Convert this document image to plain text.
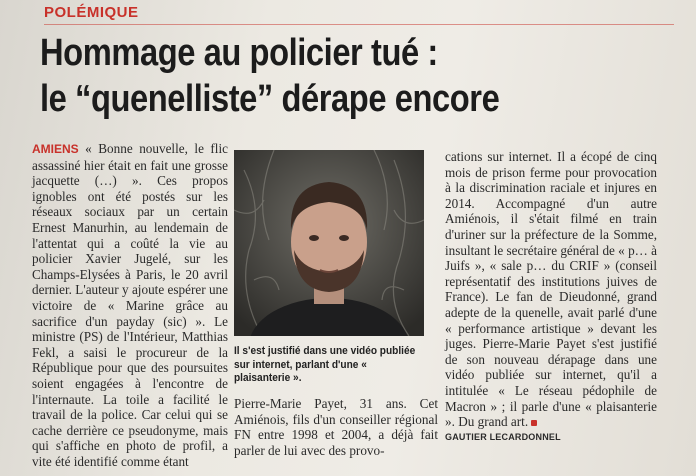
POLÉMIQUE
Hommage au policier tué :
le “quenelliste” dérape encore

AMIENS « Bonne nouvelle, le flic assassiné hier était en fait une grosse jacquette (…) ». Ces propos ignobles ont été postés sur les réseaux sociaux par un certain Ernest Manurhin, au lendemain de l'attentat qui a coûté la vie au policier Xavier Jugelé, sur les Champs-Elysées à Paris, le 20 avril dernier. L'auteur y ajoute espérer une victoire de « Marine grâce au sacrifice d'un payday (sic) ». Le ministre (PS) de l'Intérieur, Matthias Fekl, a saisi le procureur de la République pour que des poursuites soient engagées à l'encontre de l'internaute. La toile a facilité le travail de la police. Car celui qui se cache derrière ce pseudonyme, mais qui s'affiche en photo de profil, a vite été identifié comme étant

Il s'est justifié dans une vidéo publiée sur internet, parlant d'une « plaisanterie ».

Pierre-Marie Payet, 31 ans. Cet Amiénois, fils d'un conseiller régional FN entre 1998 et 2004, a déjà fait parler de lui avec des provo-

cations sur internet. Il a écopé de cinq mois de prison ferme pour provocation à la discrimination raciale et injures en 2014. Accompagné d'un autre Amiénois, il s'était filmé en train d'uriner sur la préfecture de la Somme, insultant le secrétaire général de « p… à Juifs », « sale p… du CRIF » (conseil représentatif des institutions juives de France). Le fan de Dieudonné, grand adepte de la quenelle, avait parlé d'une « performance artistique » devant les juges. Pierre-Marie Payet s'est justifié de son nouveau dérapage dans une vidéo publiée sur internet, qu'il a intitulée « Le réseau pédophile de Macron » ; il parle d'une « plaisanterie ». Du grand art.

GAUTIER LECARDONNEL
